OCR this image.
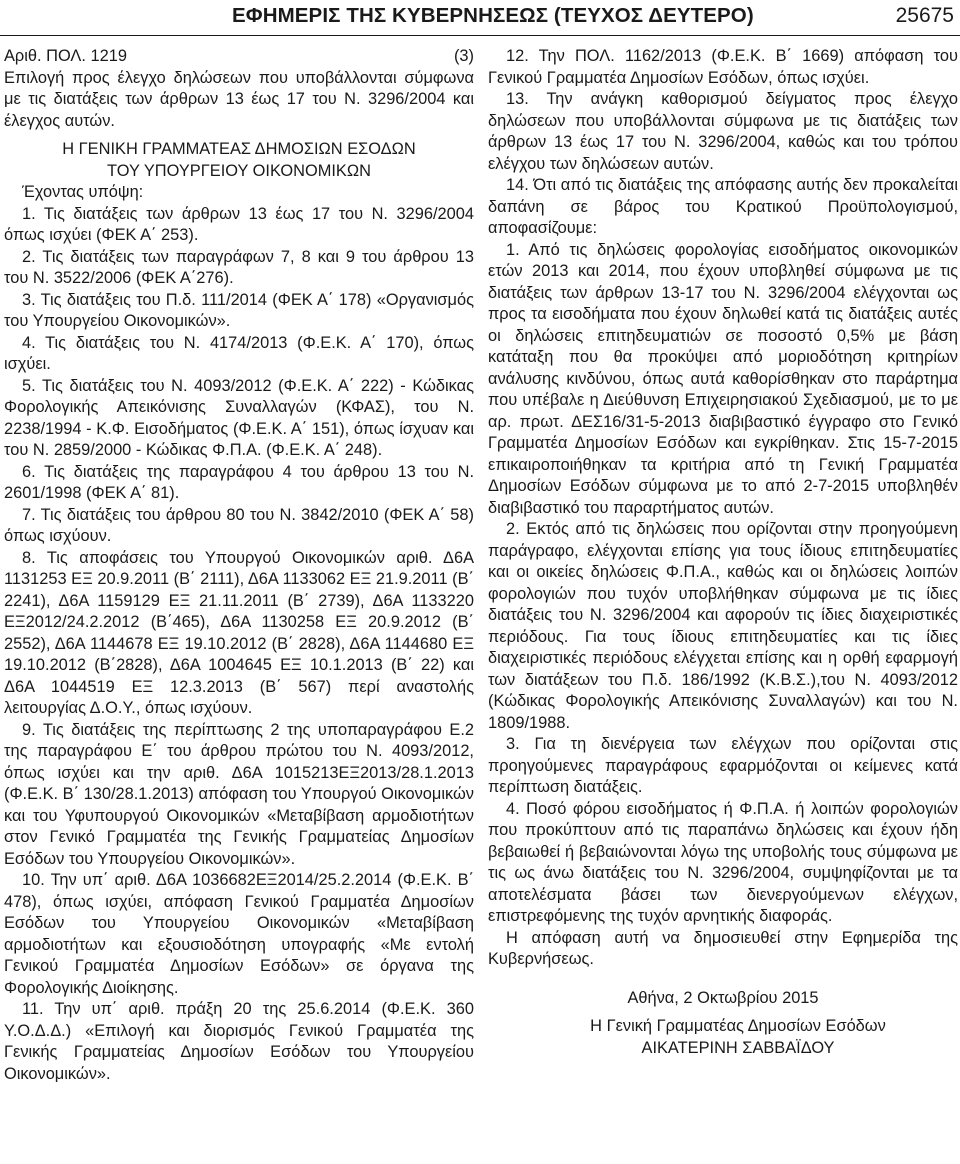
ΕΦΗΜΕΡΙΣ ΤΗΣ ΚΥΒΕΡΝΗΣΕΩΣ (ΤΕΥΧΟΣ ΔΕΥΤΕΡΟ)	25675

Αριθ. ΠΟΛ. 1219	(3)

Επιλογή προς έλεγχο δηλώσεων που υποβάλλονται σύμφωνα με τις διατάξεις των άρθρων 13 έως 17 του Ν. 3296/2004 και έλεγχος αυτών.

Η ΓΕΝΙΚΗ ΓΡΑΜΜΑΤΕΑΣ ΔΗΜΟΣΙΩΝ ΕΣΟΔΩΝ

ΤΟΥ ΥΠΟΥΡΓΕΙΟΥ ΟΙΚΟΝΟΜΙΚΩΝ

Έχοντας υπόψη:

1. Τις διατάξεις των άρθρων 13 έως 17 του Ν. 3296/2004 όπως ισχύει (ΦΕΚ Α΄ 253).

2. Τις διατάξεις των παραγράφων 7, 8 και 9 του άρθρου 13 του Ν. 3522/2006 (ΦΕΚ Α΄276).

3. Τις διατάξεις του Π.δ. 111/2014 (ΦΕΚ Α΄ 178) «Οργανισμός του Υπουργείου Οικονομικών».

4. Τις διατάξεις του Ν. 4174/2013 (Φ.Ε.Κ. Α΄ 170), όπως ισχύει.

5. Τις διατάξεις του Ν. 4093/2012 (Φ.Ε.Κ. Α΄ 222) - Κώδικας Φορολογικής Απεικόνισης Συναλλαγών (ΚΦΑΣ), του Ν. 2238/1994 - Κ.Φ. Εισοδήματος (Φ.Ε.Κ. Α΄ 151), όπως ίσχυαν και του Ν. 2859/2000 - Κώδικας Φ.Π.Α. (Φ.Ε.Κ. Α΄ 248).

6. Τις διατάξεις της παραγράφου 4 του άρθρου 13 του Ν. 2601/1998 (ΦΕΚ Α΄ 81).

7. Τις διατάξεις του άρθρου 80 του Ν. 3842/2010 (ΦΕΚ Α΄ 58) όπως ισχύουν.

8. Τις αποφάσεις του Υπουργού Οικονομικών αριθ. Δ6Α 1131253 ΕΞ 20.9.2011 (Β΄ 2111), Δ6Α 1133062 ΕΞ 21.9.2011 (Β΄ 2241), Δ6Α 1159129 ΕΞ 21.11.2011 (Β΄ 2739), Δ6Α 1133220 ΕΞ2012/24.2.2012 (Β΄465), Δ6Α 1130258 ΕΞ 20.9.2012 (Β΄ 2552), Δ6Α 1144678 ΕΞ 19.10.2012 (Β΄ 2828), Δ6Α 1144680 ΕΞ 19.10.2012 (Β΄2828), Δ6Α 1004645 ΕΞ 10.1.2013 (Β΄ 22) και Δ6Α 1044519 ΕΞ 12.3.2013 (Β΄ 567) περί αναστολής λειτουργίας Δ.Ο.Υ., όπως ισχύουν.

9. Τις διατάξεις της περίπτωσης 2 της υποπαραγράφου Ε.2 της παραγράφου Ε΄ του άρθρου πρώτου του Ν. 4093/2012, όπως ισχύει και την αριθ. Δ6Α 1015213ΕΞ2013/28.1.2013 (Φ.Ε.Κ. Β΄ 130/28.1.2013) απόφαση του Υπουργού Οικονομικών και του Υφυπουργού Οικονομικών «Μεταβίβαση αρμοδιοτήτων στον Γενικό Γραμματέα της Γενικής Γραμματείας Δημοσίων Εσόδων του Υπουργείου Οικονομικών».

10. Την υπ΄ αριθ. Δ6Α 1036682ΕΞ2014/25.2.2014 (Φ.Ε.Κ. Β΄ 478), όπως ισχύει, απόφαση Γενικού Γραμματέα Δημοσίων Εσόδων του Υπουργείου Οικονομικών «Μεταβίβαση αρμοδιοτήτων και εξουσιοδότηση υπογραφής «Με εντολή Γενικού Γραμματέα Δημοσίων Εσόδων» σε όργανα της Φορολογικής Διοίκησης.

11. Την υπ΄ αριθ. πράξη 20 της 25.6.2014 (Φ.Ε.Κ. 360 Υ.Ο.Δ.Δ.) «Επιλογή και διορισμός Γενικού Γραμματέα της Γενικής Γραμματείας Δημοσίων Εσόδων του Υπουργείου Οικονομικών».

12. Την ΠΟΛ. 1162/2013 (Φ.Ε.Κ. Β΄ 1669) απόφαση του Γενικού Γραμματέα Δημοσίων Εσόδων, όπως ισχύει.

13. Την ανάγκη καθορισμού δείγματος προς έλεγχο δηλώσεων που υποβάλλονται σύμφωνα με τις διατάξεις των άρθρων 13 έως 17 του Ν. 3296/2004, καθώς και του τρόπου ελέγχου των δηλώσεων αυτών.

14. Ότι από τις διατάξεις της απόφασης αυτής δεν προκαλείται δαπάνη σε βάρος του Κρατικού Προϋπολογισμού, αποφασίζουμε:

1. Από τις δηλώσεις φορολογίας εισοδήματος οικονομικών ετών 2013 και 2014, που έχουν υποβληθεί σύμφωνα με τις διατάξεις των άρθρων 13-17 του Ν. 3296/2004 ελέγχονται ως προς τα εισοδήματα που έχουν δηλωθεί κατά τις διατάξεις αυτές οι δηλώσεις επιτηδευματιών σε ποσοστό 0,5% με βάση κατάταξη που θα προκύψει από μοριοδότηση κριτηρίων ανάλυσης κινδύνου, όπως αυτά καθορίσθηκαν στο παράρτημα που υπέβαλε η Διεύθυνση Επιχειρησιακού Σχεδιασμού, με το με αρ. πρωτ. ΔΕΣ16/31-5-2013 διαβιβαστικό έγγραφο στο Γενικό Γραμματέα Δημοσίων Εσόδων και εγκρίθηκαν. Στις 15-7-2015 επικαιροποιήθηκαν τα κριτήρια από τη Γενική Γραμματέα Δημοσίων Εσόδων σύμφωνα με το από 2-7-2015 υποβληθέν διαβιβαστικό του παραρτήματος αυτών.

2. Εκτός από τις δηλώσεις που ορίζονται στην προηγούμενη παράγραφο, ελέγχονται επίσης για τους ίδιους επιτηδευματίες και οι οικείες δηλώσεις Φ.Π.Α., καθώς και οι δηλώσεις λοιπών φορολογιών που τυχόν υποβλήθηκαν σύμφωνα με τις ίδιες διατάξεις του Ν. 3296/2004 και αφορούν τις ίδιες διαχειριστικές περιόδους. Για τους ίδιους επιτηδευματίες και τις ίδιες διαχειριστικές περιόδους ελέγχεται επίσης και η ορθή εφαρμογή των διατάξεων του Π.δ. 186/1992 (Κ.Β.Σ.),του Ν. 4093/2012 (Κώδικας Φορολογικής Απεικόνισης Συναλλαγών) και του Ν. 1809/1988.

3. Για τη διενέργεια των ελέγχων που ορίζονται στις προηγούμενες παραγράφους εφαρμόζονται οι κείμενες κατά περίπτωση διατάξεις.

4. Ποσό φόρου εισοδήματος ή Φ.Π.Α. ή λοιπών φορολογιών που προκύπτουν από τις παραπάνω δηλώσεις και έχουν ήδη βεβαιωθεί ή βεβαιώνονται λόγω της υποβολής τους σύμφωνα με τις ως άνω διατάξεις του Ν. 3296/2004, συμψηφίζονται με τα αποτελέσματα βάσει των διενεργούμενων ελέγχων, επιστρεφόμενης της τυχόν αρνητικής διαφοράς.

Η απόφαση αυτή να δημοσιευθεί στην Εφημερίδα της Κυβερνήσεως.

Αθήνα, 2 Οκτωβρίου 2015

Η Γενική Γραμματέας Δημοσίων Εσόδων

ΑΙΚΑΤΕΡΙΝΗ ΣΑΒΒΑΪΔΟΥ
